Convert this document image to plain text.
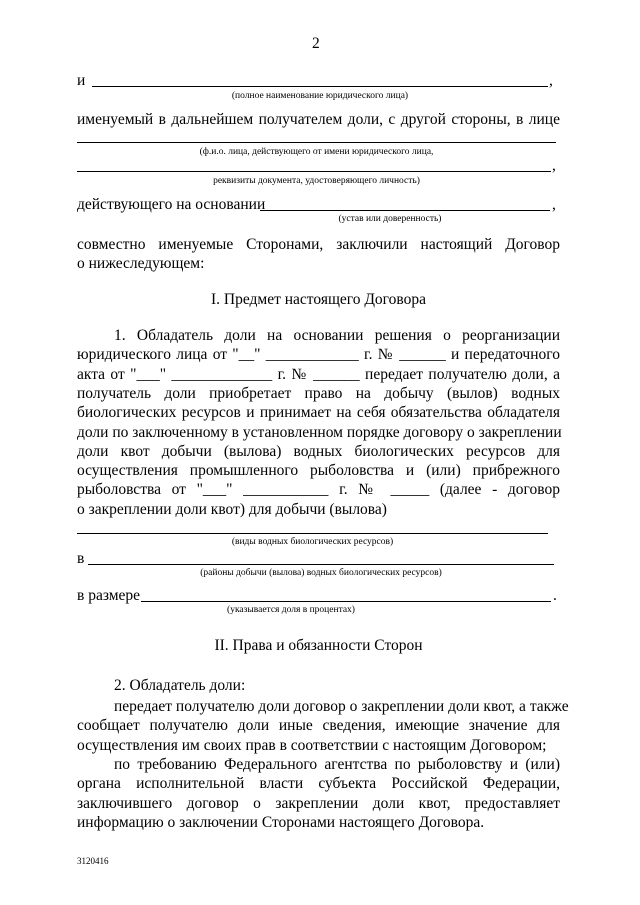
2
и	,
(полное наименование юридического лица)
именуемый в дальнейшем получателем доли, с другой стороны, в лице
(ф.и.о. лица, действующего от имени юридического лица,
,
реквизиты документа, удостоверяющего личность)
действующего на основании	,
(устав или доверенность)
совместно именуемые Сторонами, заключили настоящий Договор
о нижеследующем:
I. Предмет настоящего Договора
1. Обладатель доли на основании решения о реорганизации
юридического лица от "__" ____________ г. № ______ и передаточного
акта от "___" _____________ г. № ______ передает получателю доли, а
получатель доли приобретает право на добычу (вылов) водных
биологических ресурсов и принимает на себя обязательства обладателя
доли по заключенному в установленном порядке договору о закреплении
доли квот добычи (вылова) водных биологических ресурсов для
осуществления промышленного рыболовства и (или) прибрежного
рыболовства от "___" ___________ г. № _____ (далее - договор
о закреплении доли квот) для добычи (вылова)
(виды водных биологических ресурсов)
в
(районы добычи (вылова) водных биологических ресурсов)
в размере	.
(указывается доля в процентах)
II. Права и обязанности Сторон
2. Обладатель доли:
передает получателю доли договор о закреплении доли квот, а также
сообщает получателю доли иные сведения, имеющие значение для
осуществления им своих прав в соответствии с настоящим Договором;
по требованию Федерального агентства по рыболовству и (или)
органа исполнительной власти субъекта Российской Федерации,
заключившего договор о закреплении доли квот, предоставляет
информацию о заключении Сторонами настоящего Договора.
3120416
